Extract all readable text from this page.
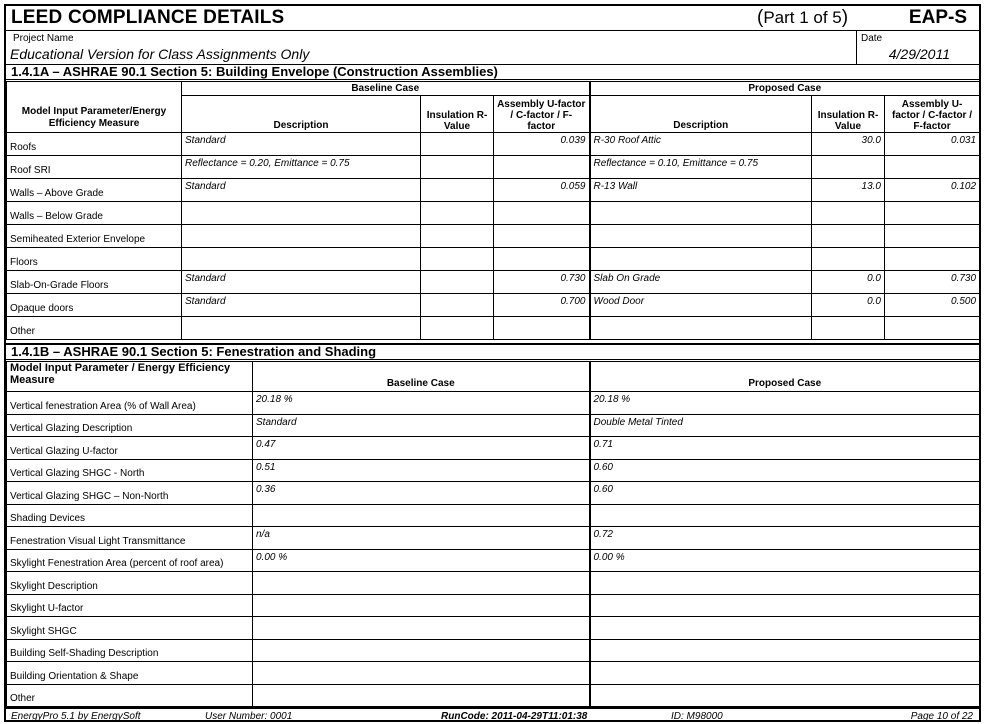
LEED COMPLIANCE DETAILS	(Part 1 of 5)	EAP-S
Project Name
Educational Version for Class Assignments Only
Date
4/29/2011
1.4.1A – ASHRAE 90.1 Section 5: Building Envelope (Construction Assemblies)
Model Input Parameter/Energy Efficiency Measure	Baseline Case			Proposed Case		
	Description	Insulation R-Value	Assembly U-factor / C-factor / F-factor	Description	Insulation R-Value	Assembly U-factor / C-factor / F-factor
Roofs	Standard		0.039	R-30 Roof Attic	30.0	0.031
Roof SRI	Reflectance = 0.20, Emittance = 0.75			Reflectance = 0.10, Emittance = 0.75		
Walls – Above Grade	Standard		0.059	R-13 Wall	13.0	0.102
Walls – Below Grade						
Semiheated Exterior Envelope						
Floors						
Slab-On-Grade Floors	Standard		0.730	Slab On Grade	0.0	0.730
Opaque doors	Standard		0.700	Wood Door	0.0	0.500
Other						
1.4.1B – ASHRAE 90.1 Section 5: Fenestration and Shading
Model Input Parameter / Energy Efficiency Measure	Baseline Case	Proposed Case
Vertical fenestration Area (% of Wall Area)	20.18 %	20.18 %
Vertical Glazing Description	Standard	Double Metal Tinted
Vertical Glazing U-factor	0.47	0.71
Vertical Glazing SHGC - North	0.51	0.60
Vertical Glazing SHGC – Non-North	0.36	0.60
Shading Devices		
Fenestration Visual Light Transmittance	n/a	0.72
Skylight Fenestration Area (percent of roof area)	0.00 %	0.00 %
Skylight Description		
Skylight U-factor		
Skylight SHGC		
Building Self-Shading Description		
Building Orientation & Shape		
Other		
EnergyPro 5.1 by EnergySoft	User Number: 0001	RunCode: 2011-04-29T11:01:38	ID: M98000	Page 10 of 22
